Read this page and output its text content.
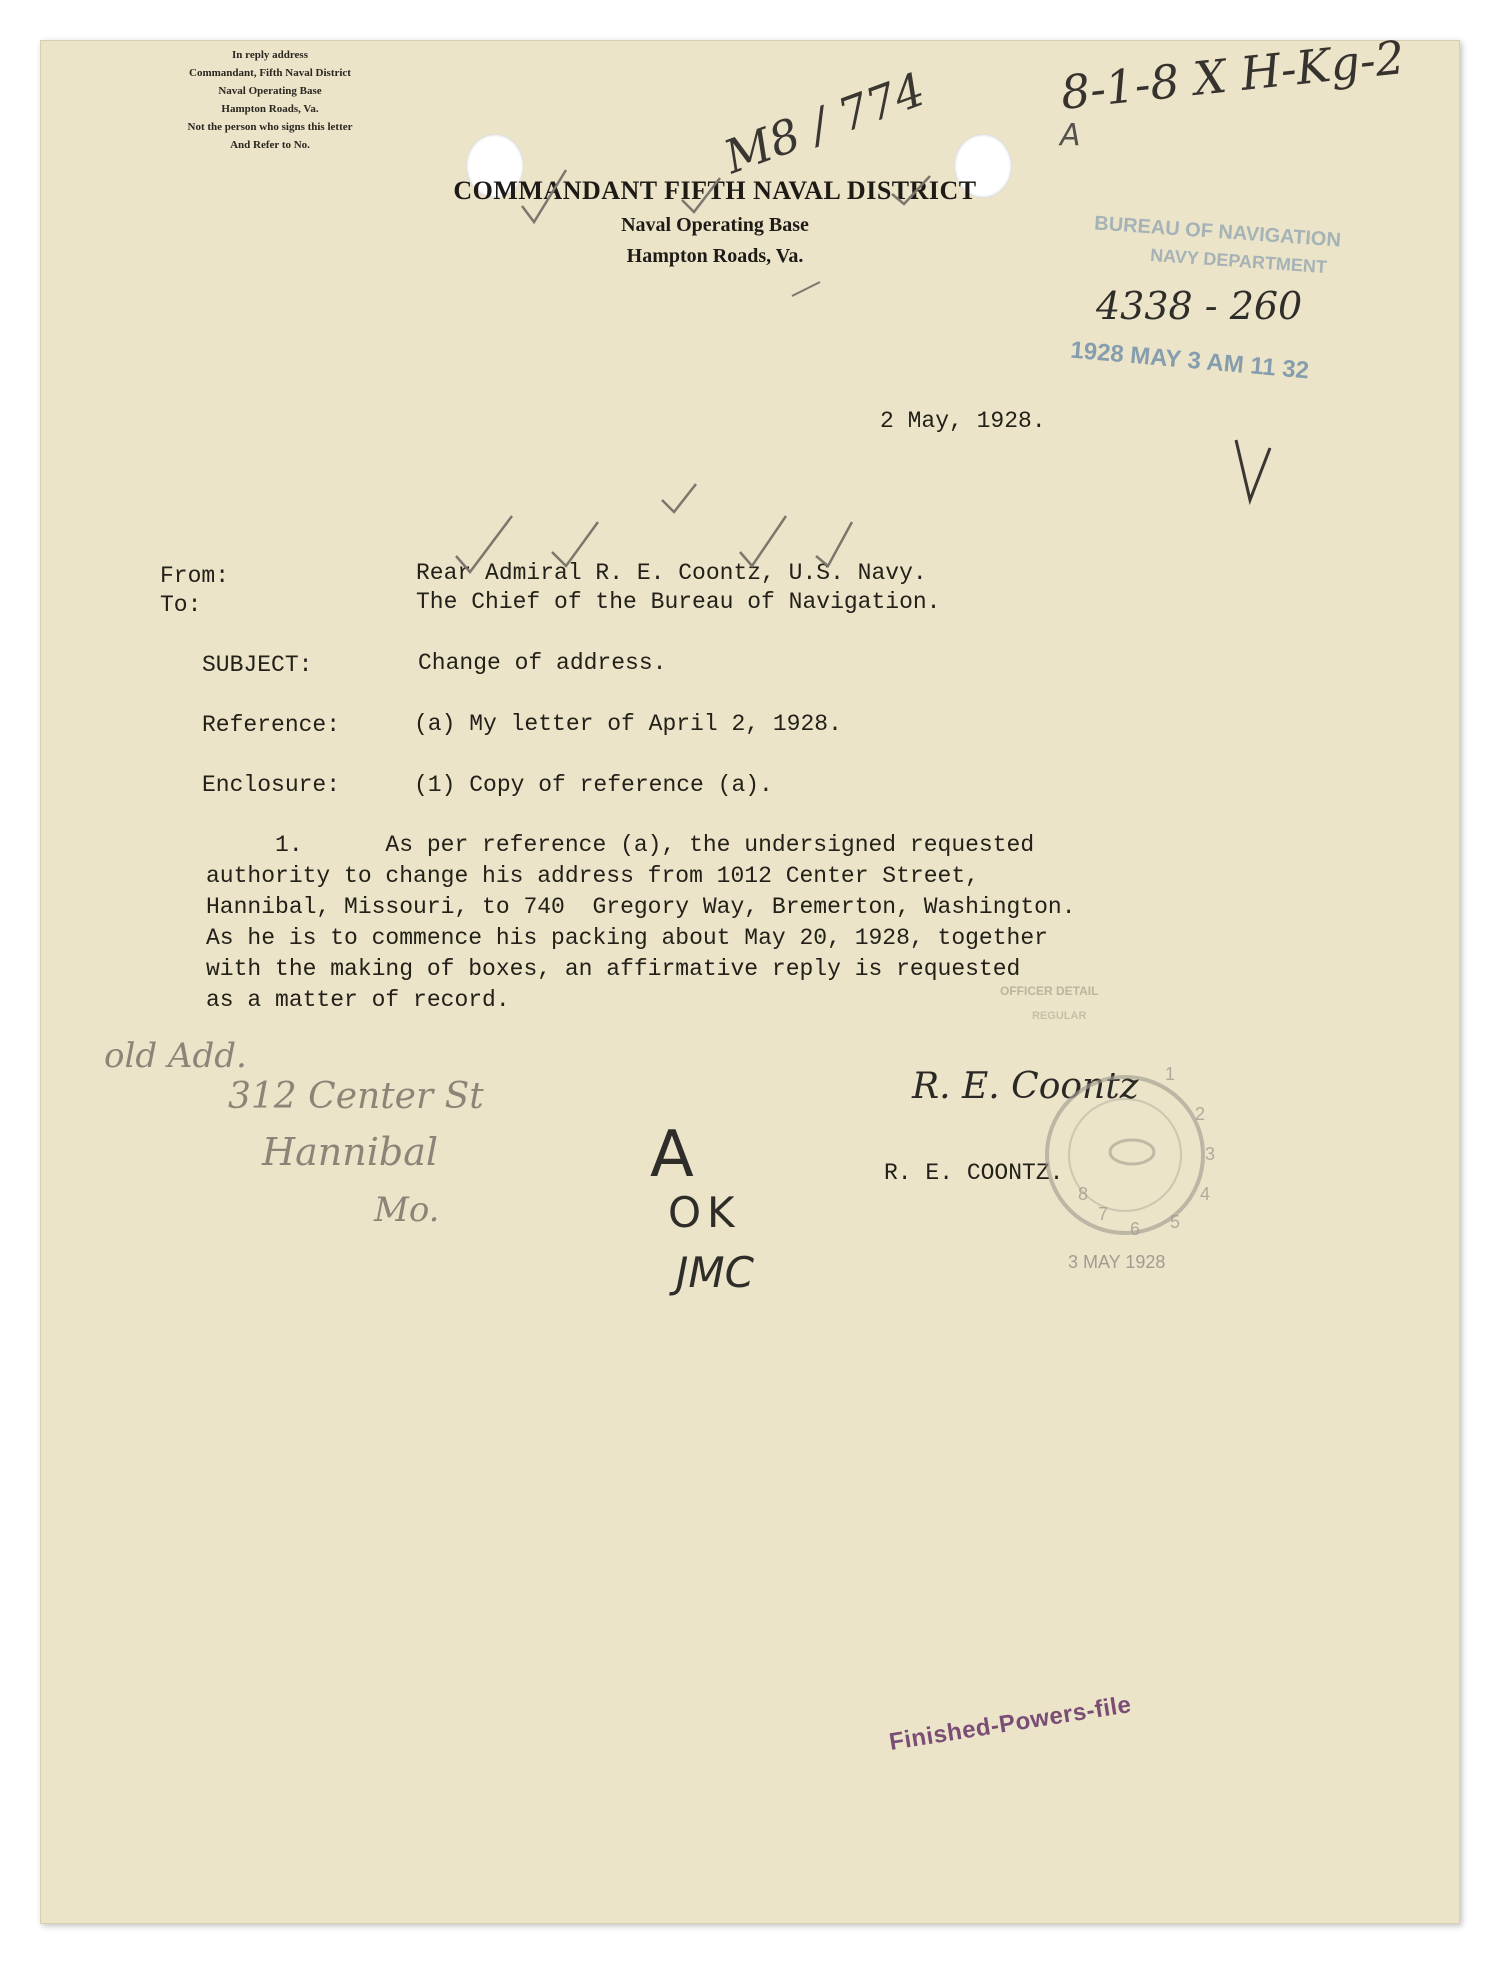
In reply address
Commandant, Fifth Naval District
Naval Operating Base
Hampton Roads, Va.
Not the person who signs this letter
And Refer to No.
COMMANDANT FIFTH NAVAL DISTRICT
Naval Operating Base
Hampton Roads, Va.
2 May, 1928.
From:	Rear Admiral R. E. Coontz, U.S. Navy.
To:	The Chief of the Bureau of Navigation.
SUBJECT:	Change of address.
Reference:	(a) My letter of April 2, 1928.
Enclosure:	(1) Copy of reference (a).
1.      As per reference (a), the undersigned requested
authority to change his address from 1012 Center Street,
Hannibal, Missouri, to 740  Gregory Way, Bremerton, Washington.
As he is to commence his packing about May 20, 1928, together
with the making of boxes, an affirmative reply is requested
as a matter of record.	OFFICER DETAIL
REGULAR
R. E. Coontz
R. E. COONTZ.
1
2
3
4
5
6
7
8
3 MAY 1928
BUREAU OF NAVIGATION
NAVY DEPARTMENT
1928 MAY 3 AM 11 32
4338 - 260
8-1-8 X H-Kg-2
A
M8 / 774
old Add.
312 Center St
Hannibal
Mo.
A
OK
JMC
Finished-Powers-file
